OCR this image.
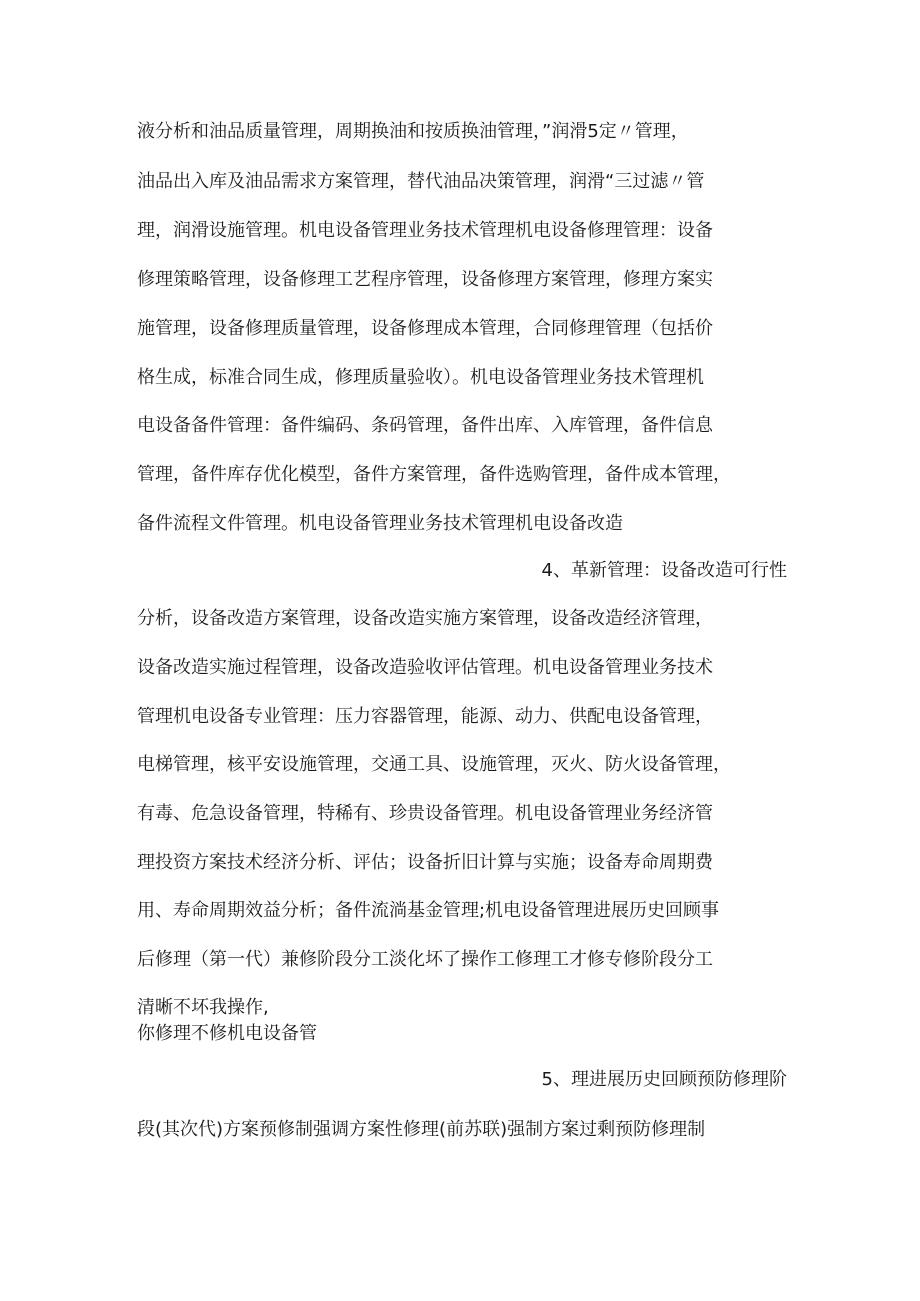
液分析和油品质量管理，周期换油和按质换油管理，”润滑5定〃管理，
油品出入库及油品需求方案管理，替代油品决策管理，润滑“三过滤〃管
理，润滑设施管理。机电设备管理业务技术管理机电设备修理管理：设备
修理策略管理，设备修理工艺程序管理，设备修理方案管理，修理方案实
施管理，设备修理质量管理，设备修理成本管理，合同修理管理（包括价
格生成，标准合同生成，修理质量验收）。机电设备管理业务技术管理机
电设备备件管理：备件编码、条码管理，备件出库、入库管理，备件信息
管理，备件库存优化模型，备件方案管理，备件选购管理，备件成本管理，
备件流程文件管理。机电设备管理业务技术管理机电设备改造
4、革新管理：设备改造可行性
分析，设备改造方案管理，设备改造实施方案管理，设备改造经济管理，
设备改造实施过程管理，设备改造验收评估管理。机电设备管理业务技术
管理机电设备专业管理：压力容器管理，能源、动力、供配电设备管理，
电梯管理，核平安设施管理，交通工具、设施管理，灭火、防火设备管理，
有毒、危急设备管理，特稀有、珍贵设备管理。机电设备管理业务经济管
理投资方案技术经济分析、评估；设备折旧计算与实施；设备寿命周期费
用、寿命周期效益分析；备件流淌基金管理;机电设备管理进展历史回顾事
后修理（第一代）兼修阶段分工淡化坏了操作工修理工才修专修阶段分工
清晰不坏我操作,
你修理不修机电设备管
5、理进展历史回顾预防修理阶
段(其次代)方案预修制强调方案性修理(前苏联)强制方案过剩预防修理制
